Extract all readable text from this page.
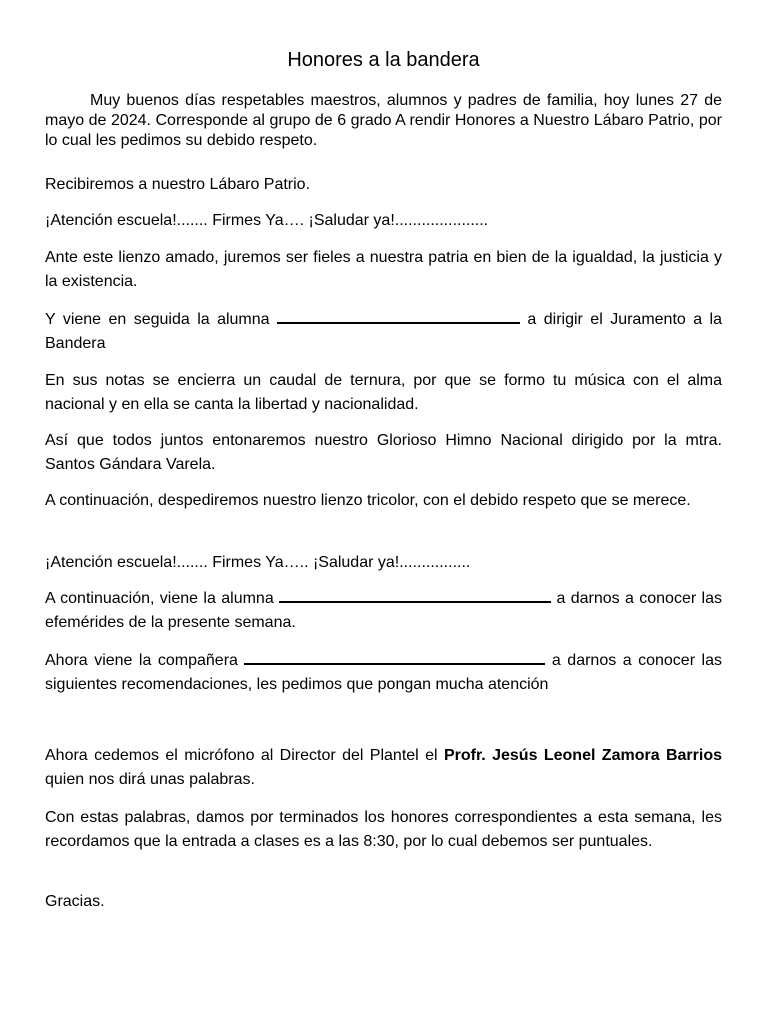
Honores a la bandera
Muy buenos días respetables maestros, alumnos y padres de familia, hoy lunes 27 de mayo de 2024. Corresponde al grupo de 6 grado A rendir Honores a Nuestro Lábaro Patrio, por lo cual les pedimos su debido respeto.
Recibiremos a nuestro Lábaro Patrio.
¡Atención escuela!....... Firmes Ya…. ¡Saludar ya!.....................
Ante este lienzo amado, juremos ser fieles a nuestra patria en bien de la igualdad, la justicia y la existencia.
Y viene en seguida la alumna	a dirigir el Juramento a la Bandera
En sus notas se encierra un caudal de ternura, por que se formo tu música con el alma nacional y en ella se canta la libertad y nacionalidad.
Así que todos juntos entonaremos nuestro Glorioso Himno Nacional dirigido por la mtra. Santos Gándara Varela.
A continuación, despediremos nuestro lienzo tricolor, con el debido respeto que se merece.
¡Atención escuela!....... Firmes Ya….. ¡Saludar ya!................
A continuación, viene la alumna	a darnos a conocer las efemérides de la presente semana.
Ahora viene la compañera	a darnos a conocer las siguientes recomendaciones, les pedimos que pongan mucha atención
Ahora cedemos el micrófono al Director del Plantel el Profr. Jesús Leonel Zamora Barrios quien nos dirá unas palabras.
Con estas palabras, damos por terminados los honores correspondientes a esta semana, les recordamos que la entrada a clases es a las 8:30, por lo cual debemos ser puntuales.
Gracias.
